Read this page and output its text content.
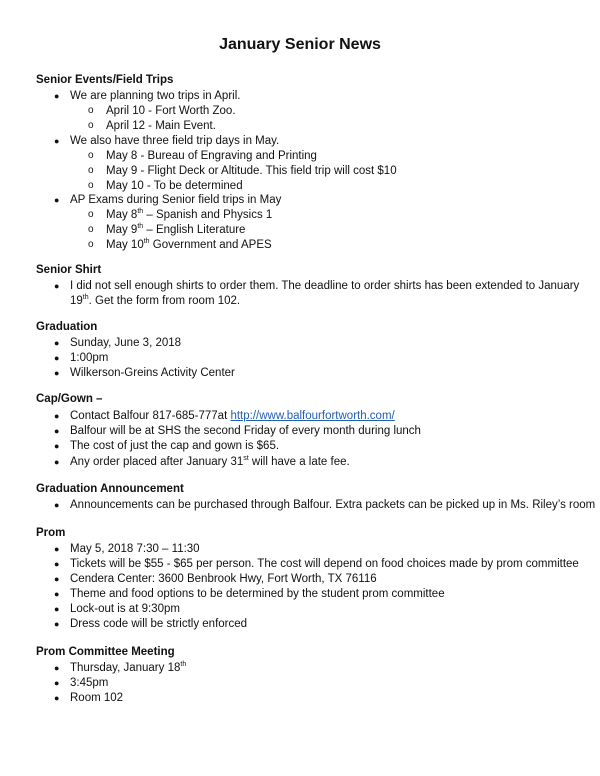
January Senior News
Senior Events/Field Trips
● We are planning two trips in April.
o April 10 - Fort Worth Zoo.
o April 12 - Main Event.
● We also have three field trip days in May.
o May 8 - Bureau of Engraving and Printing
o May 9 - Flight Deck or Altitude. This field trip will cost $10
o May 10 - To be determined
● AP Exams during Senior field trips in May
o May 8th – Spanish and Physics 1
o May 9th – English Literature
o May 10th Government and APES
Senior Shirt
● I did not sell enough shirts to order them. The deadline to order shirts has been extended to January
19th. Get the form from room 102.
Graduation
● Sunday, June 3, 2018
● 1:00pm
● Wilkerson-Greins Activity Center
Cap/Gown –
● Contact Balfour 817-685-777at http://www.balfourfortworth.com/
● Balfour will be at SHS the second Friday of every month during lunch
● The cost of just the cap and gown is $65.
● Any order placed after January 31st will have a late fee.
Graduation Announcement
● Announcements can be purchased through Balfour. Extra packets can be picked up in Ms. Riley’s room
Prom
● May 5, 2018 7:30 – 11:30
● Tickets will be $55 - $65 per person. The cost will depend on food choices made by prom committee
● Cendera Center: 3600 Benbrook Hwy, Fort Worth, TX 76116
● Theme and food options to be determined by the student prom committee
● Lock-out is at 9:30pm
● Dress code will be strictly enforced
Prom Committee Meeting
● Thursday, January 18th
● 3:45pm
● Room 102
